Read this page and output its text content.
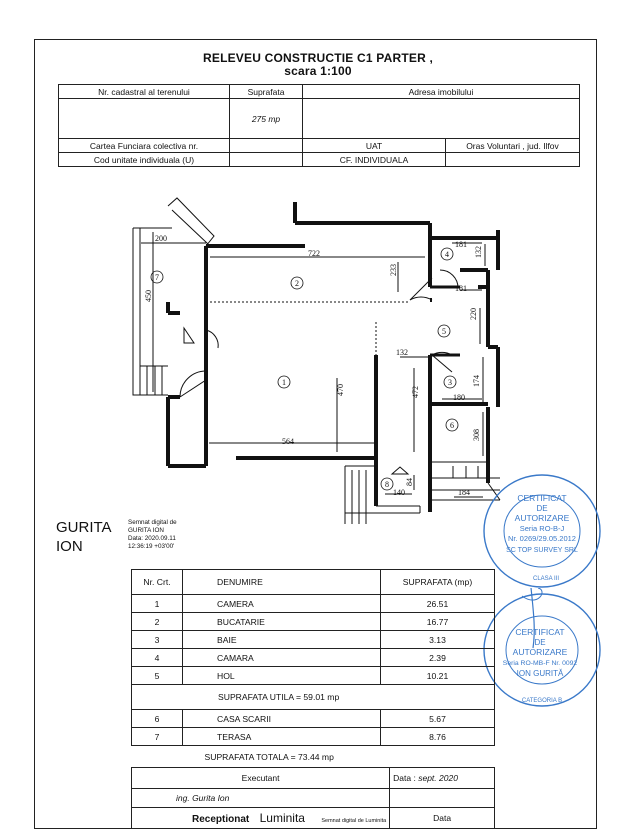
RELEVEU CONSTRUCTIE C1 PARTER ,
scara 1:100
Nr. cadastral al terenului	Suprafata	Adresa imobilului	
	275 mp		
Cartea Funciara colectiva nr.		UAT	Oras Voluntari , jud. Ilfov
Cod unitate individuala (U)		CF. INDIVIDUALA	
1
2
3
4
5
6
7
8
200
722
233
181
132
181
450
220
132
470	472
174
180
308
564
140
84
184
GURITA
ION
Semnat digital de
GURITA ION
Data: 2020.09.11
12:36:19 +03'00'
CERTIFICAT
DE
AUTORIZARE
Seria RO-B-J
Nr. 0269/29.05.2012
SC TOP SURVEY SRL
CLASA III
CERTIFICAT
DE
AUTORIZARE
Seria RO-MB-F Nr. 0092
ION GURITĂ
CATEGORIA B
Nr. Crt.	DENUMIRE	SUPRAFATA (mp)
1	CAMERA	26.51
2	BUCATARIE	16.77
3	BAIE	3.13
4	CAMARA	2.39
5	HOL	10.21
SUPRAFATA UTILA = 59.01 mp		
6	CASA SCARII	5.67
7	TERASA	8.76
SUPRAFATA TOTALA = 73.44 mp		
Executant	Data : sept. 2020
ing. Gurita Ion	
Receptionat Luminita Semnat digital de Luminita	Data
